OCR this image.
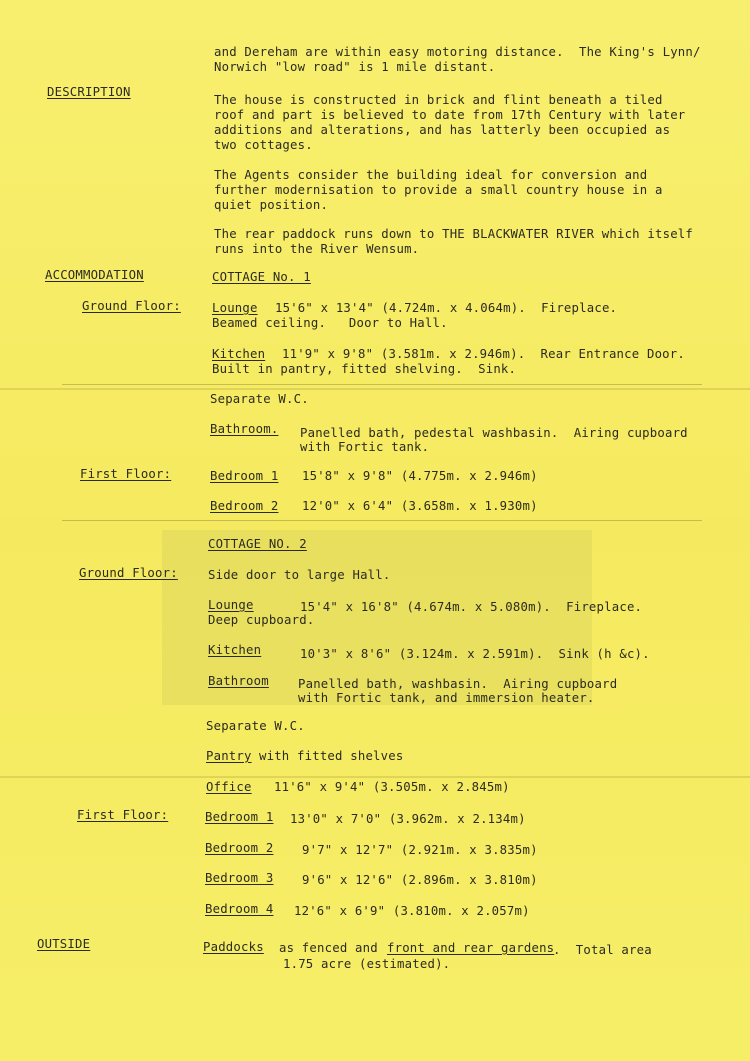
and Dereham are within easy motoring distance.  The King's Lynn/
Norwich "low road" is 1 mile distant.
DESCRIPTION
The house is constructed in brick and flint beneath a tiled
roof and part is believed to date from 17th Century with later
additions and alterations, and has latterly been occupied as
two cottages.
The Agents consider the building ideal for conversion and
further modernisation to provide a small country house in a
quiet position.
The rear paddock runs down to THE BLACKWATER RIVER which itself
runs into the River Wensum.
ACCOMMODATION	COTTAGE No. 1
Ground Floor:	Lounge 15'6" x 13'4" (4.724m. x 4.064m).  Fireplace.
Beamed ceiling.   Door to Hall.
Kitchen 11'9" x 9'8" (3.581m. x 2.946m).  Rear Entrance Door.
Built in pantry, fitted shelving.  Sink.
Separate W.C.
Bathroom. Panelled bath, pedestal washbasin.  Airing cupboard
with Fortic tank.
First Floor:	Bedroom 1 15'8" x 9'8" (4.775m. x 2.946m)
Bedroom 2 12'0" x 6'4" (3.658m. x 1.930m)
COTTAGE NO. 2
Ground Floor: Side door to large Hall.
Lounge	15'4" x 16'8" (4.674m. x 5.080m).  Fireplace.
Deep cupboard.
Kitchen	10'3" x 8'6" (3.124m. x 2.591m).  Sink (h &c).
Bathroom Panelled bath, washbasin.  Airing cupboard
with Fortic tank, and immersion heater.
Separate W.C.
Pantry with fitted shelves
Office 11'6" x 9'4" (3.505m. x 2.845m)
First Floor:	Bedroom 1 13'0" x 7'0" (3.962m. x 2.134m)
Bedroom 2 9'7" x 12'7" (2.921m. x 3.835m)
Bedroom 3 9'6" x 12'6" (2.896m. x 3.810m)
Bedroom 4 12'6" x 6'9" (3.810m. x 2.057m)
OUTSIDE	Paddocks as fenced and front and rear gardens
.  Total area
1.75 acre (estimated).
